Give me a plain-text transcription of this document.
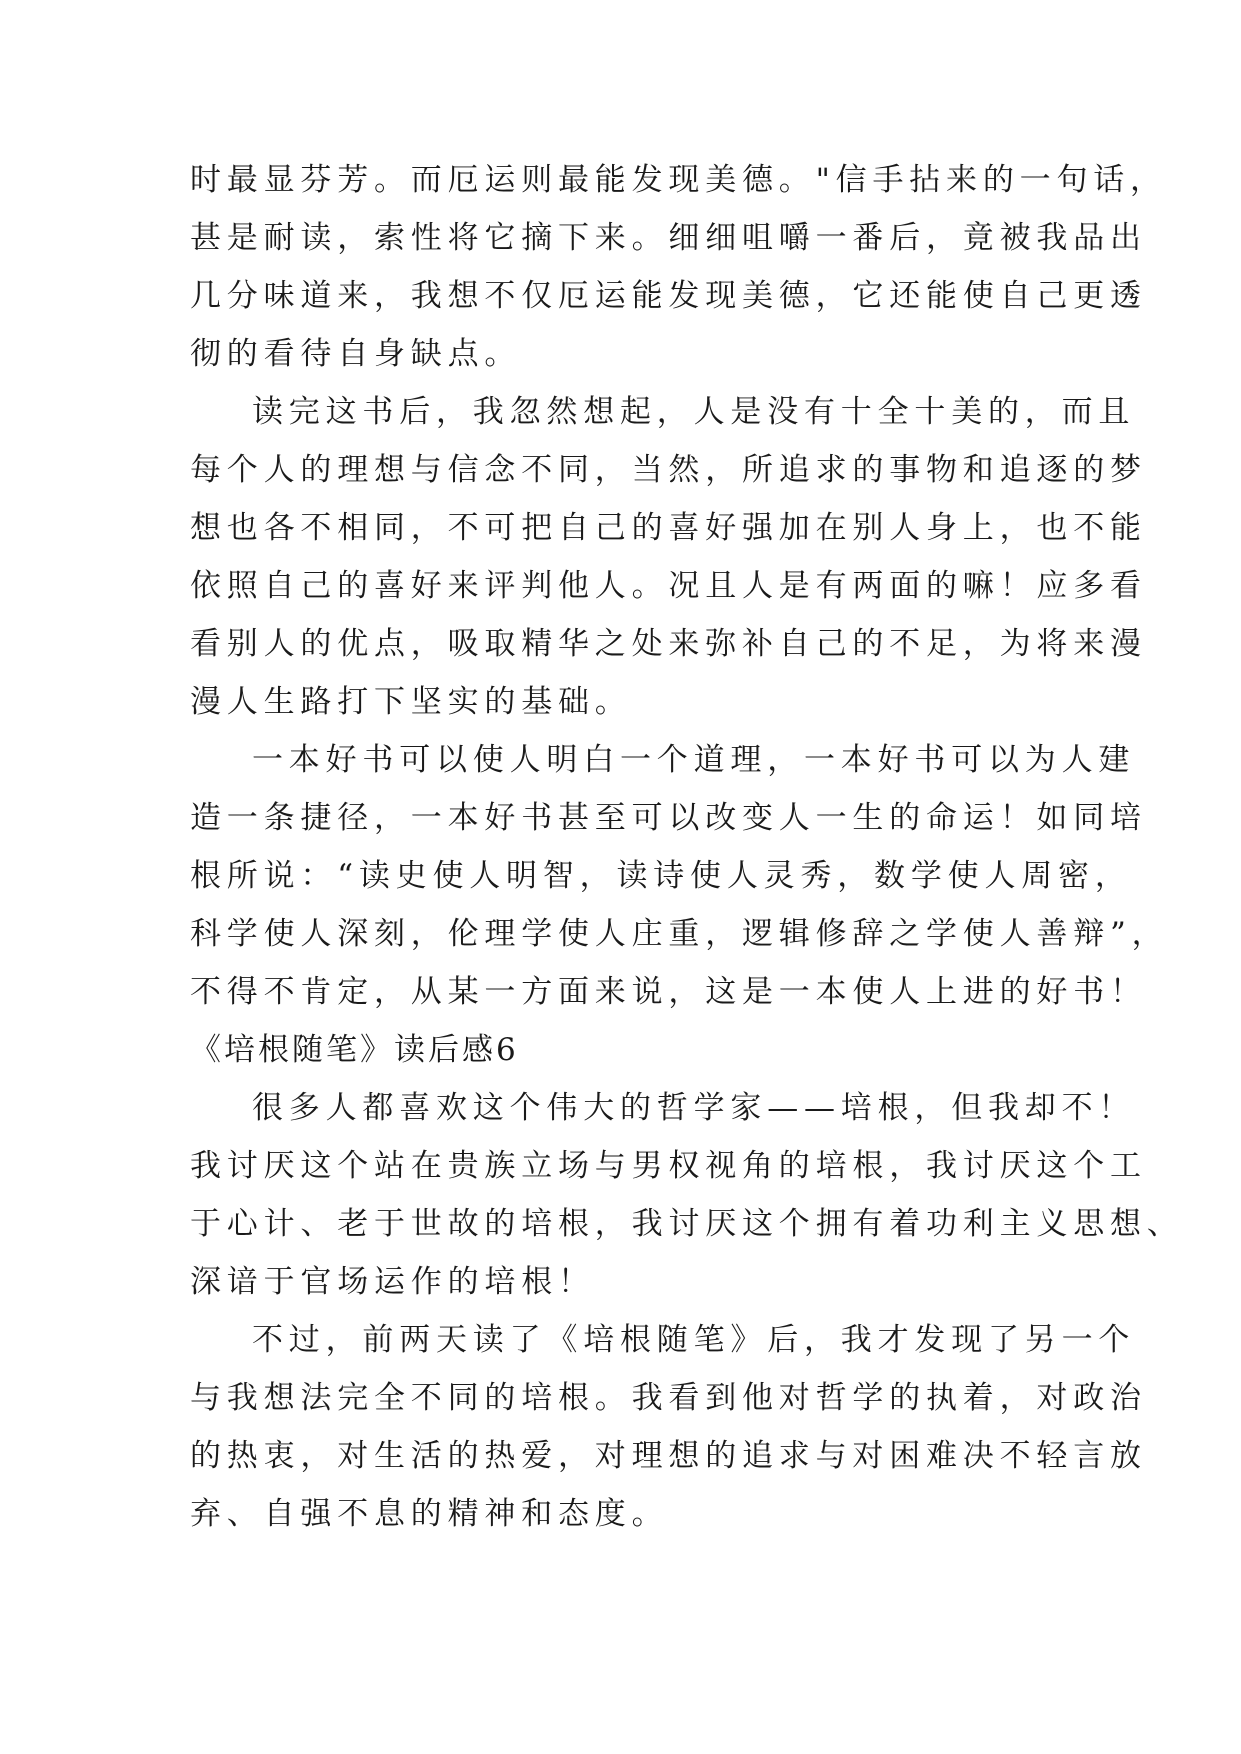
时最显芬芳。而厄运则最能发现美德。"信手拈来的一句话，
甚是耐读，索性将它摘下来。细细咀嚼一番后，竟被我品出
几分味道来，我想不仅厄运能发现美德，它还能使自己更透
彻的看待自身缺点。
读完这书后，我忽然想起，人是没有十全十美的，而且
每个人的理想与信念不同，当然，所追求的事物和追逐的梦
想也各不相同，不可把自己的喜好强加在别人身上，也不能
依照自己的喜好来评判他人。况且人是有两面的嘛！应多看
看别人的优点，吸取精华之处来弥补自己的不足，为将来漫
漫人生路打下坚实的基础。
一本好书可以使人明白一个道理，一本好书可以为人建
造一条捷径，一本好书甚至可以改变人一生的命运！如同培
根所说：“读史使人明智，读诗使人灵秀，数学使人周密，
科学使人深刻，伦理学使人庄重，逻辑修辞之学使人善辩”，
不得不肯定，从某一方面来说，这是一本使人上进的好书！
《培根随笔》读后感6
很多人都喜欢这个伟大的哲学家——培根，但我却不！
我讨厌这个站在贵族立场与男权视角的培根，我讨厌这个工
于心计、老于世故的培根，我讨厌这个拥有着功利主义思想、
深谙于官场运作的培根！
不过，前两天读了《培根随笔》后，我才发现了另一个
与我想法完全不同的培根。我看到他对哲学的执着，对政治
的热衷，对生活的热爱，对理想的追求与对困难决不轻言放
弃、自强不息的精神和态度。
